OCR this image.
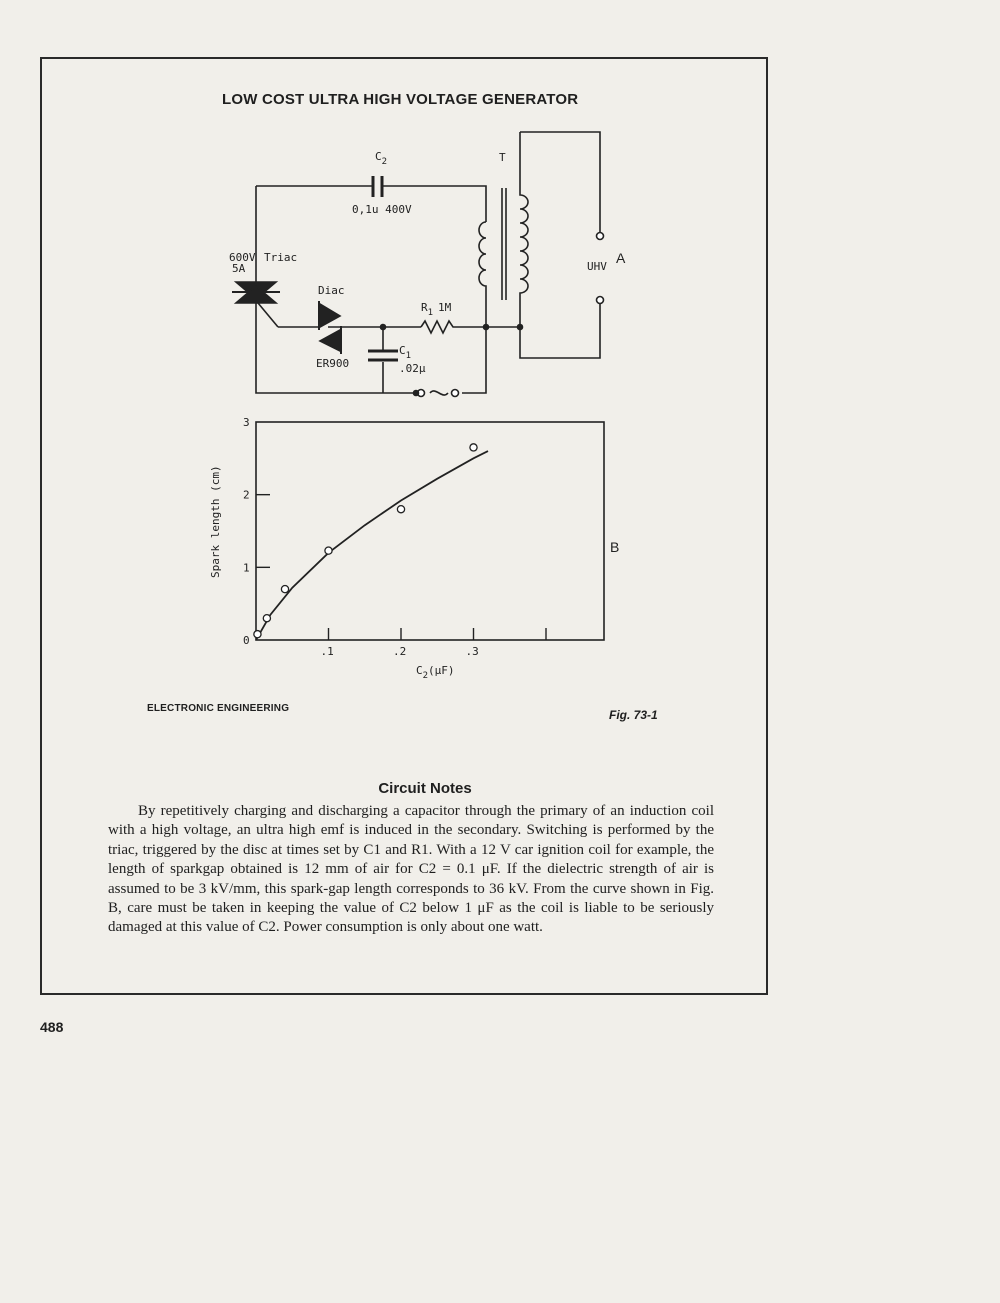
LOW COST ULTRA HIGH VOLTAGE GENERATOR
$C_2$
0,1u 400V
T
600V
5A
Triac
Diac
ER900
$R_1$ 1M
$C_1$
.02μ
UHV
A
0
1
2
3
.1	.2	.3
Spark length (cm)
$C_2(\mu F)$
B
ELECTRONIC ENGINEERING	Fig. 73-1
Circuit Notes

By repetitively charging and discharging a capacitor through the primary of an induction coil with a high voltage, an ultra high emf is induced in the secondary. Switching is performed by the triac, triggered by the disc at times set by C1 and R1. With a 12 V car ignition coil for example, the length of sparkgap obtained is 12 mm of air for C2 = 0.1 μF. If the dielectric strength of air is assumed to be 3 kV/mm, this spark-gap length corresponds to 36 kV. From the curve shown in Fig. B, care must be taken in keeping the value of C2 below 1 μF as the coil is liable to be seriously damaged at this value of C2. Power consumption is only about one watt.

488
